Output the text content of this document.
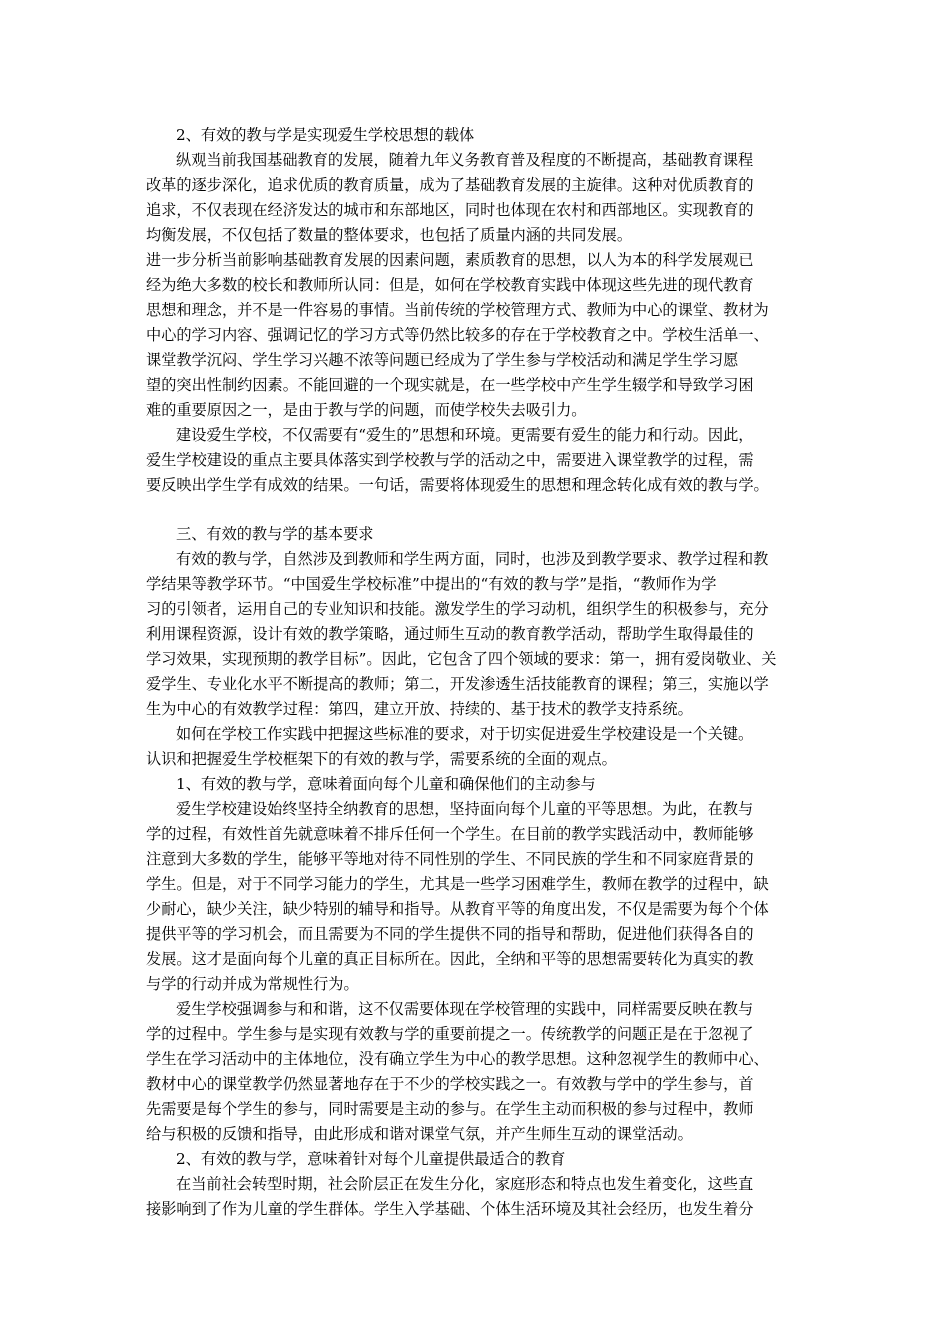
2、有效的教与学是实现爱生学校思想的载体
纵观当前我国基础教育的发展，随着九年义务教育普及程度的不断提高，基础教育课程
改革的逐步深化，追求优质的教育质量，成为了基础教育发展的主旋律。这种对优质教育的
追求，不仅表现在经济发达的城市和东部地区，同时也体现在农村和西部地区。实现教育的
均衡发展，不仅包括了数量的整体要求，也包括了质量内涵的共同发展。
进一步分析当前影响基础教育发展的因素问题，素质教育的思想，以人为本的科学发展观已
经为绝大多数的校长和教师所认同：但是，如何在学校教育实践中体现这些先进的现代教育
思想和理念，并不是一件容易的事情。当前传统的学校管理方式、教师为中心的课堂、教材为
中心的学习内容、强调记忆的学习方式等仍然比较多的存在于学校教育之中。学校生活单一、
课堂教学沉闷、学生学习兴趣不浓等问题已经成为了学生参与学校活动和满足学生学习愿
望的突出性制约因素。不能回避的一个现实就是，在一些学校中产生学生辍学和导致学习困
难的重要原因之一，是由于教与学的问题，而使学校失去吸引力。
建设爱生学校，不仅需要有“爱生的”思想和环境。更需要有爱生的能力和行动。因此，
爱生学校建设的重点主要具体落实到学校教与学的活动之中，需要进入课堂教学的过程，需
要反映出学生学有成效的结果。一句话，需要将体现爱生的思想和理念转化成有效的教与学。
三、有效的教与学的基本要求
有效的教与学，自然涉及到教师和学生两方面，同时，也涉及到教学要求、教学过程和教
学结果等教学环节。“中国爱生学校标准”中提出的“有效的教与学”是指，“教师作为学
习的引领者，运用自己的专业知识和技能。激发学生的学习动机，组织学生的积极参与，充分
利用课程资源，设计有效的教学策略，通过师生互动的教育教学活动，帮助学生取得最佳的
学习效果，实现预期的教学目标”。因此，它包含了四个领域的要求：第一，拥有爱岗敬业、关
爱学生、专业化水平不断提高的教师；第二，开发渗透生活技能教育的课程；第三，实施以学
生为中心的有效教学过程：第四，建立开放、持续的、基于技术的教学支持系统。
如何在学校工作实践中把握这些标准的要求，对于切实促进爱生学校建设是一个关键。
认识和把握爱生学校框架下的有效的教与学，需要系统的全面的观点。
1、有效的教与学，意味着面向每个儿童和确保他们的主动参与
爱生学校建设始终坚持全纳教育的思想，坚持面向每个儿童的平等思想。为此，在教与
学的过程，有效性首先就意味着不排斥任何一个学生。在目前的教学实践活动中，教师能够
注意到大多数的学生，能够平等地对待不同性别的学生、不同民族的学生和不同家庭背景的
学生。但是，对于不同学习能力的学生，尤其是一些学习困难学生，教师在教学的过程中，缺
少耐心，缺少关注，缺少特别的辅导和指导。从教育平等的角度出发，不仅是需要为每个个体
提供平等的学习机会，而且需要为不同的学生提供不同的指导和帮助，促进他们获得各自的
发展。这才是面向每个儿童的真正目标所在。因此，全纳和平等的思想需要转化为真实的教
与学的行动并成为常规性行为。
爱生学校强调参与和和谐，这不仅需要体现在学校管理的实践中，同样需要反映在教与
学的过程中。学生参与是实现有效教与学的重要前提之一。传统教学的问题正是在于忽视了
学生在学习活动中的主体地位，没有确立学生为中心的教学思想。这种忽视学生的教师中心、
教材中心的课堂教学仍然显著地存在于不少的学校实践之一。有效教与学中的学生参与，首
先需要是每个学生的参与，同时需要是主动的参与。在学生主动而积极的参与过程中，教师
给与积极的反馈和指导，由此形成和谐对课堂气氛，并产生师生互动的课堂活动。
2、有效的教与学，意味着针对每个儿童提供最适合的教育
在当前社会转型时期，社会阶层正在发生分化，家庭形态和特点也发生着变化，这些直
接影响到了作为儿童的学生群体。学生入学基础、个体生活环境及其社会经历，也发生着分
